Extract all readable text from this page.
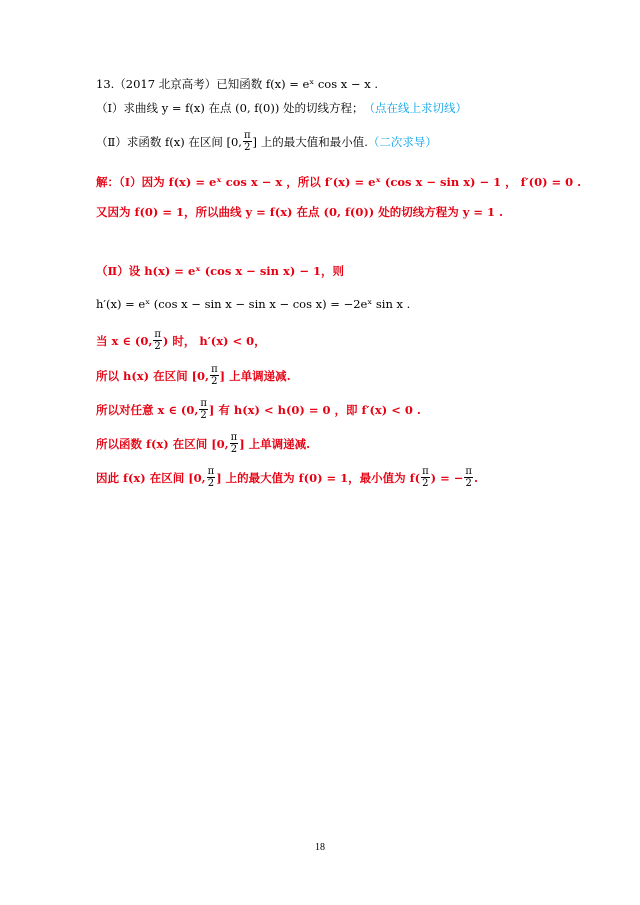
13.（2017 北京高考）已知函数 f(x) = eˣ cos x − x .
（Ⅰ）求曲线 y = f(x) 在点 (0, f(0)) 处的切线方程； （点在线上求切线）
（Ⅱ）求函数 f(x) 在区间 [0, $\frac{\pi}{2}$ ] 上的最大值和最小值. （二次求导）
解：（Ⅰ）因为 f(x) = eˣ cos x − x ，所以 f′(x) = eˣ (cos x − sin x) − 1 ， f′(0) = 0 .
又因为 f(0) = 1，所以曲线 y = f(x) 在点 (0, f(0)) 处的切线方程为 y = 1 .
（Ⅱ）设 h(x) = eˣ (cos x − sin x) − 1，则
h′(x) = eˣ (cos x − sin x − sin x − cos x) = −2eˣ sin x .
当 x ∈ (0, $\frac{\pi}{2}$ ) 时， h′(x) < 0，
所以 h(x) 在区间 [0, $\frac{\pi}{2}$ ] 上单调递减.
所以对任意 x ∈ (0, $\frac{\pi}{2}$ ] 有 h(x) < h(0) = 0 ，即 f′(x) < 0 .
所以函数 f(x) 在区间 [0, $\frac{\pi}{2}$ ] 上单调递减.
因此 f(x) 在区间 [0, $\frac{\pi}{2}$ ] 上的最大值为 f(0) = 1，最小值为 $f( \frac{\pi}{2}$ ) = − $\frac{\pi}{2}$ .
18
